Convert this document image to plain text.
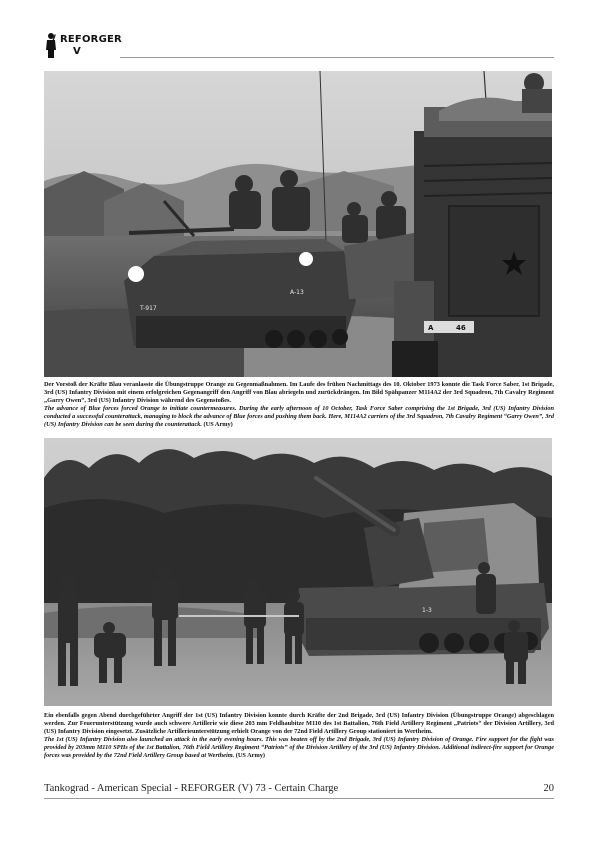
REFORGER
V
T-917
A-13
A	46
Der Vorstoß der Kräfte Blau veranlasste die Übungstruppe Orange zu Gegenmaßnahmen. Im Laufe des frühen Nachmittags des 10. Oktober 1973 konnte die Task Force Saber, 1st Brigade, 3rd (US) Infantry Division mit einem erfolgreichen Gegenangriff den Angriff von Blau abriegeln und zurückdrängen. Im Bild Spähpanzer M114A2 der 3rd Squadron, 7th Cavalry Regiment „Garry Owen“, 3rd (US) Infantry Division während des Gegenstoßes.
The advance of Blue forces forced Orange to initiate countermeasures. During the early afternoon of 10 October, Task Force Saber comprising the 1st Brigade, 3rd (US) Infantry Division conducted a successful counterattack, managing to block the advance of Blue forces and pushing them back. Here, M114A2 carriers of the 3rd Squadron, 7th Cavalry Regiment “Garry Owen”, 3rd (US) Infantry Division can be seen during the counterattack. (US Army)
1-3
Ein ebenfalls gegen Abend durchgeführter Angriff der 1st (US) Infantry Division konnte durch Kräfte der 2nd Brigade, 3rd (US) Infantry Division (Übungstruppe Orange) abgeschlagen werden. Zur Feuerunterstützung wurde auch schwere Artillerie wie diese 203 mm Feldhaubitze M110 des 1st Battalion, 76th Field Artillery Regiment „Patriots“ der Division Artillery, 3rd (US) Infantry Division eingesetzt. Zusätzliche Artillerieunterstützung erhielt Orange von der 72nd Field Artillery Group stationiert in Wertheim.
The 1st (US) Infantry Division also launched an attack in the early evening hours. This was beaten off by the 2nd Brigade, 3rd (US) Infantry Division of Orange. Fire support for the fight was provided by 203mm M110 SPHs of the 1st Battalion, 76th Field Artillery Regiment “Patriots” of the Division Artillery of the 3rd (US) Infantry Division. Additional indirect-fire support for Orange forces was provided by the 72nd Field Artillery Group based at Wertheim. (US Army)
Tankograd - American Special - REFORGER (V) 73 - Certain Charge	20
